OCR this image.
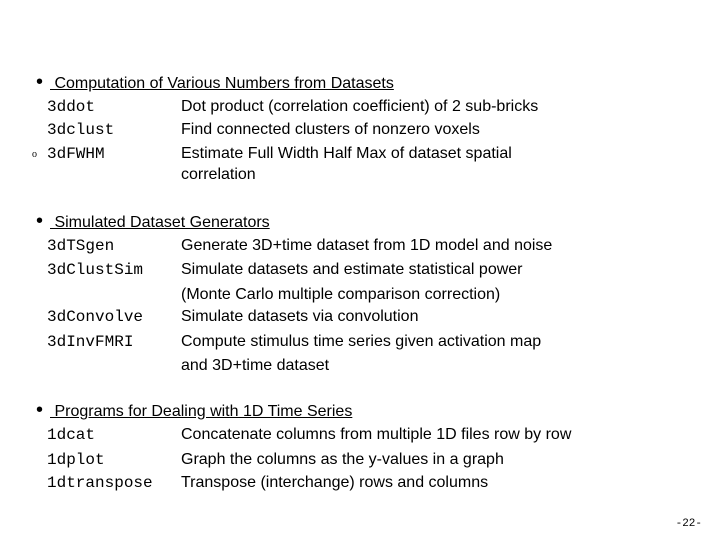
• Computation of Various Numbers from Datasets
3ddot	Dot product (correlation coefficient) of 2 sub-bricks
3dclust	Find connected clusters of nonzero voxels
o 3dFWHM	Estimate Full Width Half Max of dataset spatial
correlation
• Simulated Dataset Generators
3dTSgen	Generate 3D+time dataset from 1D model and noise
3dClustSim Simulate datasets and estimate statistical power
(Monte Carlo multiple comparison correction)
3dConvolve Simulate datasets via convolution
3dInvFMRI	Compute stimulus time series given activation map
and 3D+time dataset
• Programs for Dealing with 1D Time Series
1dcat	Concatenate columns from multiple 1D files row by row
1dplot	Graph the columns as the y-values in a graph
1dtranspose Transpose (interchange) rows and columns
-22-
